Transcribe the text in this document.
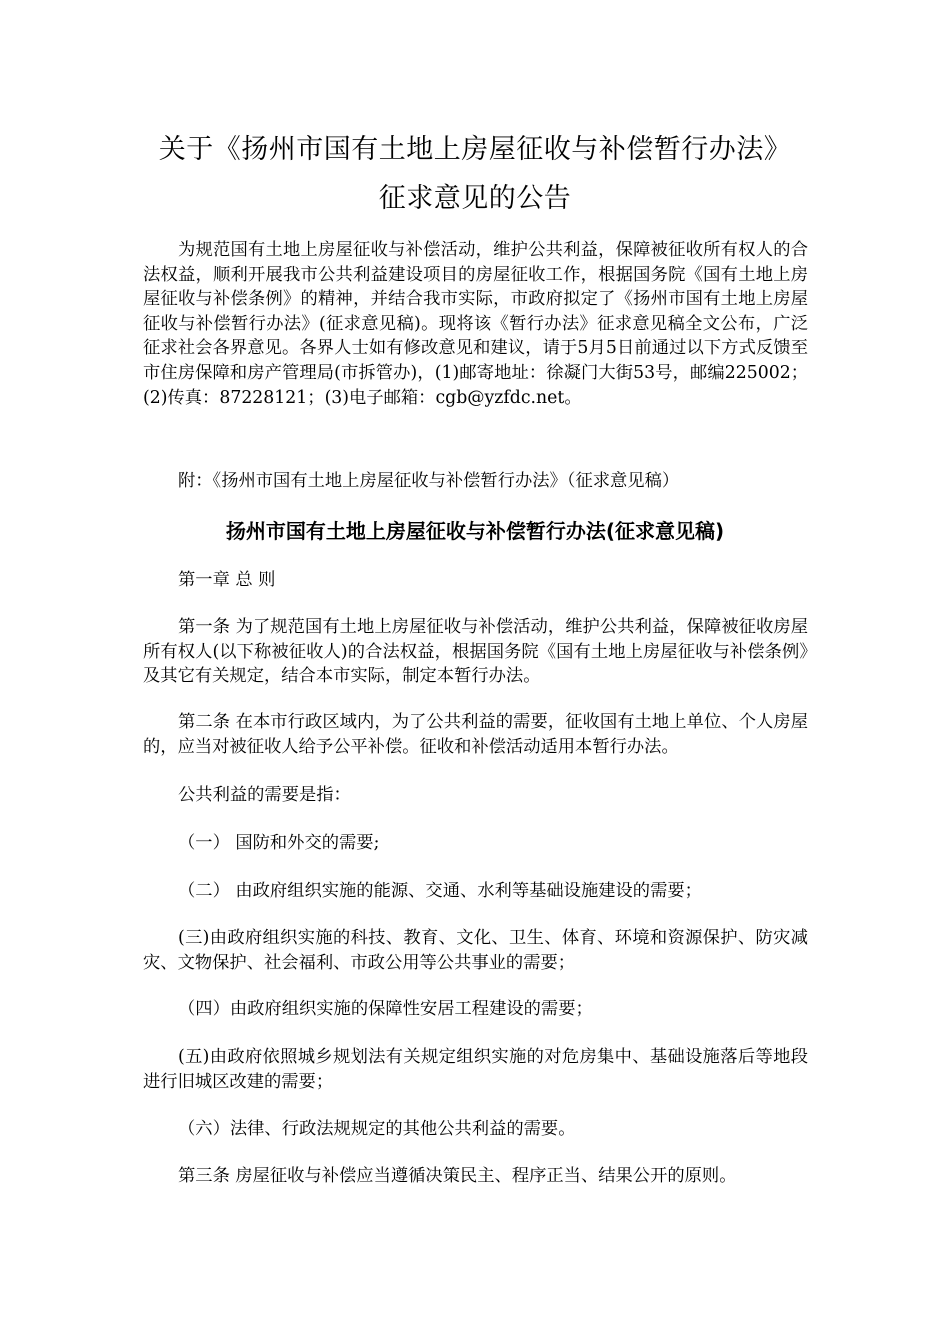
关于《扬州市国有土地上房屋征收与补偿暂行办法》
征求意见的公告

为规范国有土地上房屋征收与补偿活动，维护公共利益，保障被征收所有权人的合法权益，顺利开展我市公共利益建设项目的房屋征收工作，根据国务院《国有土地上房屋征收与补偿条例》的精神，并结合我市实际，市政府拟定了《扬州市国有土地上房屋征收与补偿暂行办法》(征求意见稿)。现将该《暂行办法》征求意见稿全文公布，广泛征求社会各界意见。各界人士如有修改意见和建议，请于5月5日前通过以下方式反馈至市住房保障和房产管理局(市拆管办)，(1)邮寄地址：徐凝门大街53号，邮编225002；(2)传真：87228121；(3)电子邮箱：cgb@yzfdc.net。

附：《扬州市国有土地上房屋征收与补偿暂行办法》（征求意见稿）

扬州市国有土地上房屋征收与补偿暂行办法(征求意见稿)

第一章 总 则

第一条 为了规范国有土地上房屋征收与补偿活动，维护公共利益，保障被征收房屋所有权人(以下称被征收人)的合法权益，根据国务院《国有土地上房屋征收与补偿条例》及其它有关规定，结合本市实际，制定本暂行办法。

第二条 在本市行政区域内，为了公共利益的需要，征收国有土地上单位、个人房屋的，应当对被征收人给予公平补偿。征收和补偿活动适用本暂行办法。

公共利益的需要是指：

（一） 国防和外交的需要;

（二） 由政府组织实施的能源、交通、水利等基础设施建设的需要；

(三)由政府组织实施的科技、教育、文化、卫生、体育、环境和资源保护、防灾减灾、文物保护、社会福利、市政公用等公共事业的需要；

（四）由政府组织实施的保障性安居工程建设的需要；

(五)由政府依照城乡规划法有关规定组织实施的对危房集中、基础设施落后等地段进行旧城区改建的需要；

（六）法律、行政法规规定的其他公共利益的需要。

第三条 房屋征收与补偿应当遵循决策民主、程序正当、结果公开的原则。
